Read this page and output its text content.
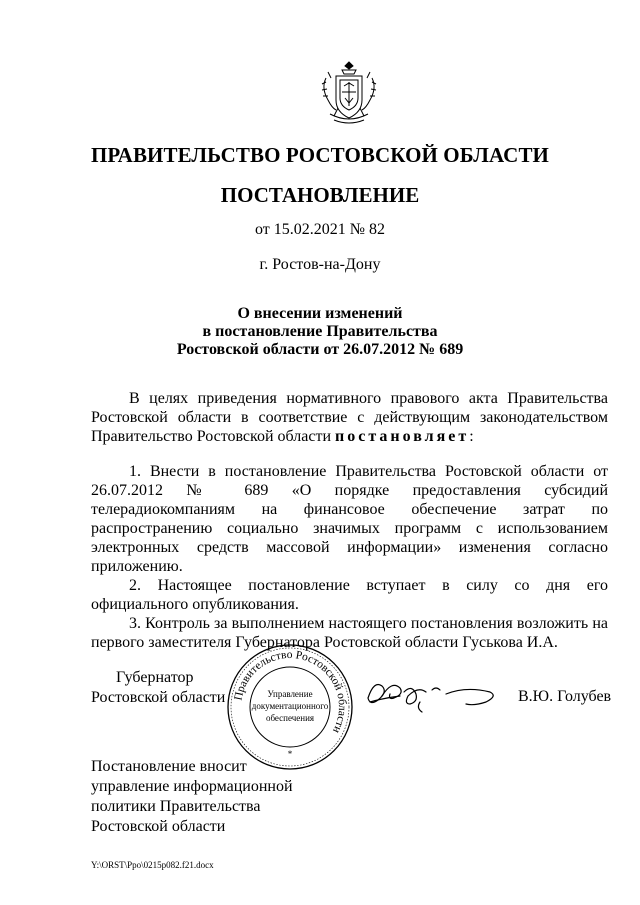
ПРАВИТЕЛЬСТВО РОСТОВСКОЙ ОБЛАСТИ
ПОСТАНОВЛЕНИЕ
от 15.02.2021 № 82
г. Ростов-на-Дону
О внесении изменений
в постановление Правительства
Ростовской области от 26.07.2012 № 689

В целях приведения нормативного правового акта Правительства Ростовской области в соответствие с действующим законодательством Правительство Ростовской области постановляет:

1. Внести в постановление Правительства Ростовской области от 26.07.2012 № 689 «О порядке предоставления субсидий телерадиокомпаниям на финансовое обеспечение затрат по распространению социально значимых программ с использованием электронных средств массовой информации» изменения согласно приложению.

2. Настоящее постановление вступает в силу со дня его официального опубликования.

3. Контроль за выполнением настоящего постановления возложить на первого заместителя Губернатора Ростовской области Гуськова И.А.

Губернатор
Ростовской области Правительство Ростовской области
Управление
документационного
обеспечения
*
В.Ю. Голубев
Постановление вносит
управление информационной
политики Правительства
Ростовской области
Y:\ORST\Ppo\0215p082.f21.docx
